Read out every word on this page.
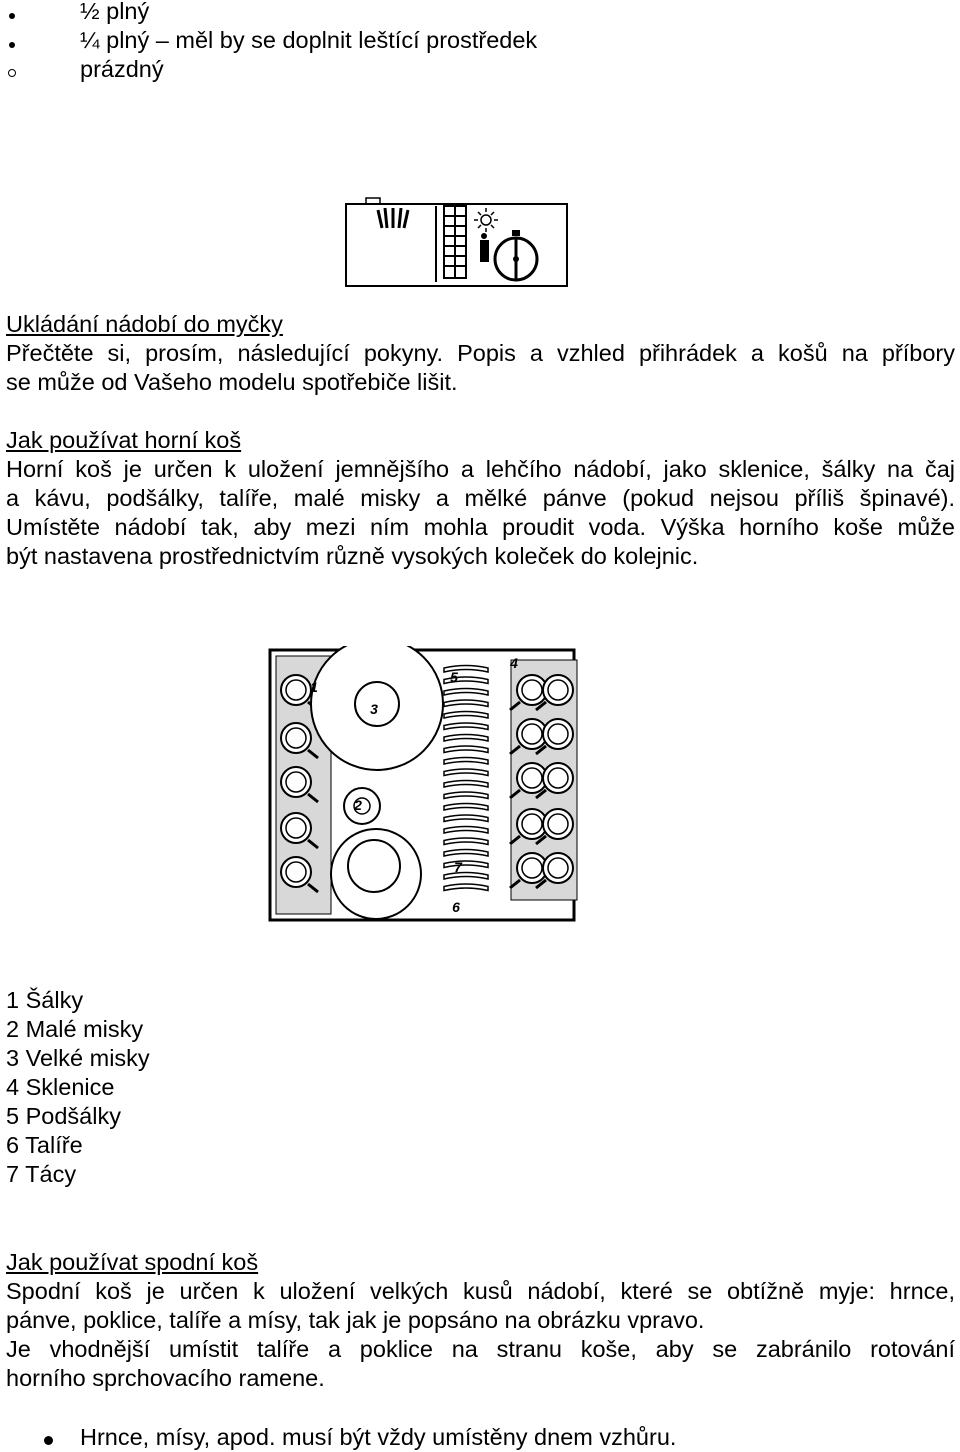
½ plný
¼ plný – měl by se doplnit leštící prostředek
prázdný
Ukládání nádobí do myčky
Přečtěte si, prosím, následující pokyny. Popis a vzhled přihrádek a košů na příbory
se může od Vašeho modelu spotřebiče lišit.
Jak používat horní koš
Horní koš je určen k uložení jemnějšího a lehčího nádobí, jako sklenice, šálky na čaj
a kávu, podšálky, talíře, malé misky a mělké pánve (pokud nejsou příliš špinavé).
Umístěte nádobí tak, aby mezi ním mohla proudit voda. Výška horního koše může
být nastavena prostřednictvím různě vysokých koleček do kolejnic.
1
2
3
4
5
6
7
1 Šálky
2 Malé misky
3 Velké misky
4 Sklenice
5 Podšálky
6 Talíře
7 Tácy
Jak používat spodní koš
Spodní koš je určen k uložení velkých kusů nádobí, které se obtížně myje: hrnce,
pánve, poklice, talíře a mísy, tak jak je popsáno na obrázku vpravo.
Je vhodnější umístit talíře a poklice na stranu koše, aby se zabránilo rotování
horního sprchovacího ramene.
Hrnce, mísy, apod. musí být vždy umístěny dnem vzhůru.
